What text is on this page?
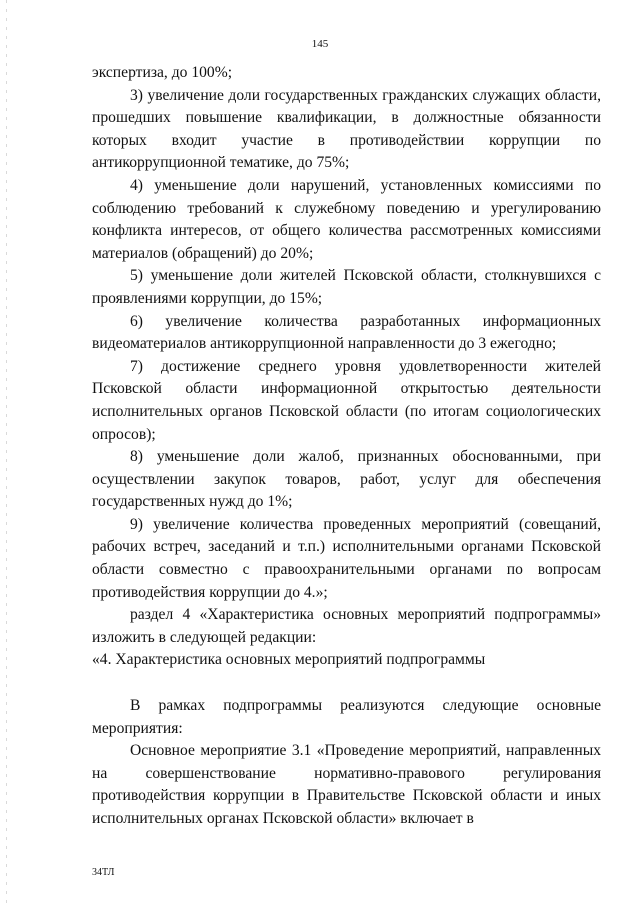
145

экспертиза, до 100%;

3) увеличение доли государственных гражданских служащих области, прошедших повышение квалификации, в должностные обязанности которых входит участие в противодействии коррупции по антикоррупционной тематике, до 75%;

4) уменьшение доли нарушений, установленных комиссиями по соблюдению требований к служебному поведению и урегулированию конфликта интересов, от общего количества рассмотренных комиссиями материалов (обращений) до 20%;

5) уменьшение доли жителей Псковской области, столкнувшихся с проявлениями коррупции, до 15%;

6) увеличение количества разработанных информационных видеоматериалов антикоррупционной направленности до 3 ежегодно;

7) достижение среднего уровня удовлетворенности жителей Псковской области информационной открытостью деятельности исполнительных органов Псковской области (по итогам социологических опросов);

8) уменьшение доли жалоб, признанных обоснованными, при осуществлении закупок товаров, работ, услуг для обеспечения государственных нужд до 1%;

9) увеличение количества проведенных мероприятий (совещаний, рабочих встреч, заседаний и т.п.) исполнительными органами Псковской области совместно с правоохранительными органами по вопросам противодействия коррупции до 4.»;

раздел 4 «Характеристика основных мероприятий подпрограммы» изложить в следующей редакции:

«4. Характеристика основных мероприятий подпрограммы

В рамках подпрограммы реализуются следующие основные мероприятия:

Основное мероприятие 3.1 «Проведение мероприятий, направленных на совершенствование нормативно-правового регулирования противодействия коррупции в Правительстве Псковской области и иных исполнительных органах Псковской области» включает в

34ТЛ
